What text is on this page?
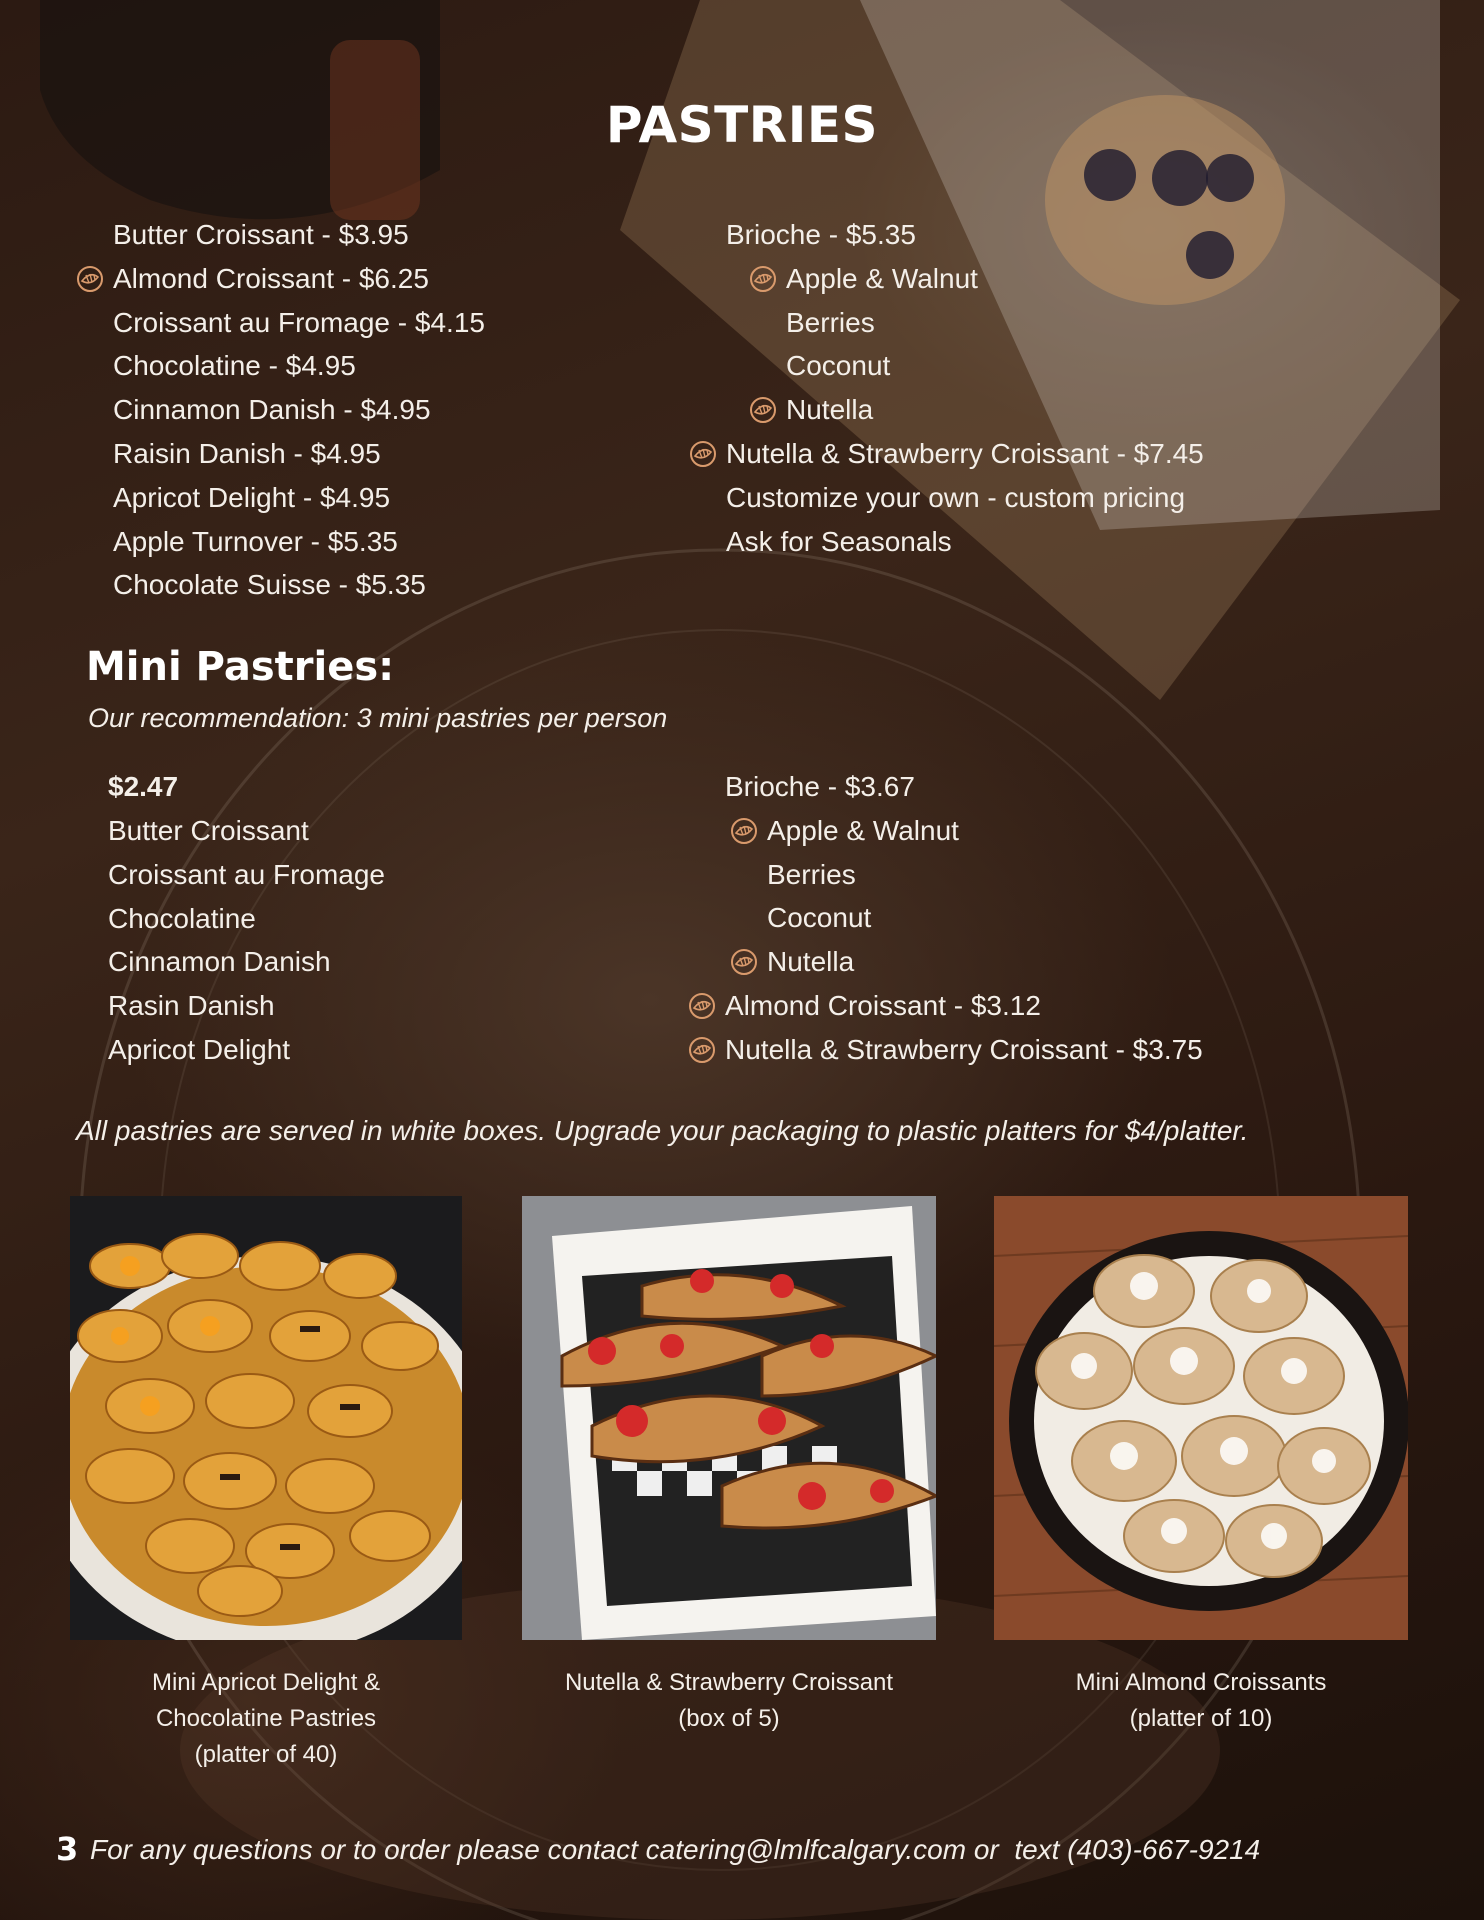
PASTRIES
Butter Croissant - $3.95
Almond Croissant - $6.25
Croissant au Fromage - $4.15
Chocolatine - $4.95
Cinnamon Danish - $4.95
Raisin Danish - $4.95
Apricot Delight - $4.95
Apple Turnover - $5.35
Chocolate Suisse - $5.35
Brioche - $5.35
Apple & Walnut
Berries
Coconut
Nutella
Nutella & Strawberry Croissant - $7.45
Customize your own - custom pricing
Ask for Seasonals
Mini Pastries:
Our recommendation: 3 mini pastries per person
$2.47
Butter Croissant
Croissant au Fromage
Chocolatine
Cinnamon Danish
Rasin Danish
Apricot Delight
Brioche - $3.67
Apple & Walnut
Berries
Coconut
Nutella
Almond Croissant - $3.12
Nutella & Strawberry Croissant - $3.75
All pastries are served in white boxes. Upgrade your packaging to plastic platters for $4/platter.
Mini Apricot Delight &
Chocolatine Pastries
(platter of 40)
Nutella & Strawberry Croissant
(box of 5)
Mini Almond Croissants
(platter of 10)
3 For any questions or to order please contact catering@lmlfcalgary.com or  text (403)-667-9214
